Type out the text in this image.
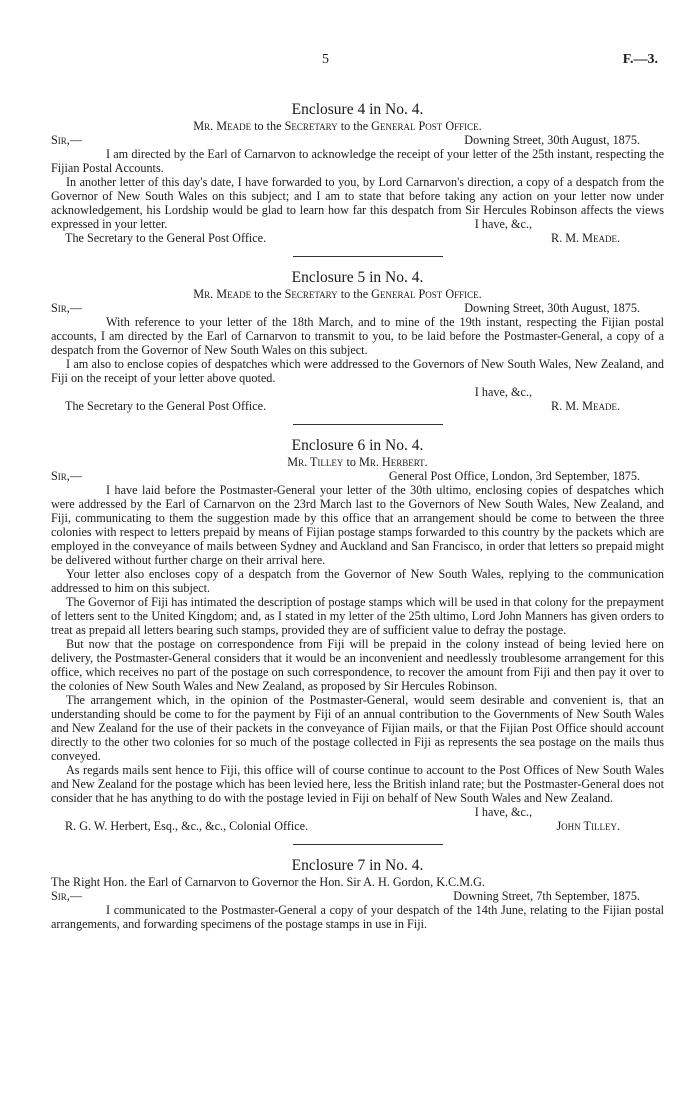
5	F.—3.
Enclosure 4 in No. 4.
Mr. Meade to the Secretary to the General Post Office.
Sir,—	Downing Street, 30th August, 1875.

I am directed by the Earl of Carnarvon to acknowledge the receipt of your letter of the 25th instant, respecting the Fijian Postal Accounts.

In another letter of this day's date, I have forwarded to you, by Lord Carnarvon's direction, a copy of a despatch from the Governor of New South Wales on this subject; and I am to state that before taking any action on your letter now under acknowledgement, his Lordship would be glad to learn how far this despatch from Sir Hercules Robinson affects the views expressed in your letter.	I have, &c.,
The Secretary to the General Post Office.	R. M. Meade.
Enclosure 5 in No. 4.
Mr. Meade to the Secretary to the General Post Office.
Sir,—	Downing Street, 30th August, 1875.

With reference to your letter of the 18th March, and to mine of the 19th instant, respecting the Fijian postal accounts, I am directed by the Earl of Carnarvon to transmit to you, to be laid before the Postmaster-General, a copy of a despatch from the Governor of New South Wales on this subject.

I am also to enclose copies of despatches which were addressed to the Governors of New South Wales, New Zealand, and Fiji on the receipt of your letter above quoted.

I have, &c.,
The Secretary to the General Post Office.	R. M. Meade.
Enclosure 6 in No. 4.
Mr. Tilley to Mr. Herbert.
Sir,—	General Post Office, London, 3rd September, 1875.

I have laid before the Postmaster-General your letter of the 30th ultimo, enclosing copies of despatches which were addressed by the Earl of Carnarvon on the 23rd March last to the Governors of New South Wales, New Zealand, and Fiji, communicating to them the suggestion made by this office that an arrangement should be come to between the three colonies with respect to letters prepaid by means of Fijian postage stamps forwarded to this country by the packets which are employed in the conveyance of mails between Sydney and Auckland and San Francisco, in order that letters so prepaid might be delivered without further charge on their arrival here.

Your letter also encloses copy of a despatch from the Governor of New South Wales, replying to the communication addressed to him on this subject.

The Governor of Fiji has intimated the description of postage stamps which will be used in that colony for the prepayment of letters sent to the United Kingdom; and, as I stated in my letter of the 25th ultimo, Lord John Manners has given orders to treat as prepaid all letters bearing such stamps, provided they are of sufficient value to defray the postage.

But now that the postage on correspondence from Fiji will be prepaid in the colony instead of being levied here on delivery, the Postmaster-General considers that it would be an inconvenient and needlessly troublesome arrangement for this office, which receives no part of the postage on such correspondence, to recover the amount from Fiji and then pay it over to the colonies of New South Wales and New Zealand, as proposed by Sir Hercules Robinson.

The arrangement which, in the opinion of the Postmaster-General, would seem desirable and convenient is, that an understanding should be come to for the payment by Fiji of an annual contribution to the Governments of New South Wales and New Zealand for the use of their packets in the conveyance of Fijian mails, or that the Fijian Post Office should account directly to the other two colonies for so much of the postage collected in Fiji as represents the sea postage on the mails thus conveyed.

As regards mails sent hence to Fiji, this office will of course continue to account to the Post Offices of New South Wales and New Zealand for the postage which has been levied here, less the British inland rate; but the Postmaster-General does not consider that he has anything to do with the postage levied in Fiji on behalf of New South Wales and New Zealand.

I have, &c.,
R. G. W. Herbert, Esq., &c., &c., Colonial Office.	John Tilley.
Enclosure 7 in No. 4.
The Right Hon. the Earl of Carnarvon to Governor the Hon. Sir A. H. Gordon, K.C.M.G.
Sir,—	Downing Street, 7th September, 1875.

I communicated to the Postmaster-General a copy of your despatch of the 14th June, relating to the Fijian postal arrangements, and forwarding specimens of the postage stamps in use in Fiji.
